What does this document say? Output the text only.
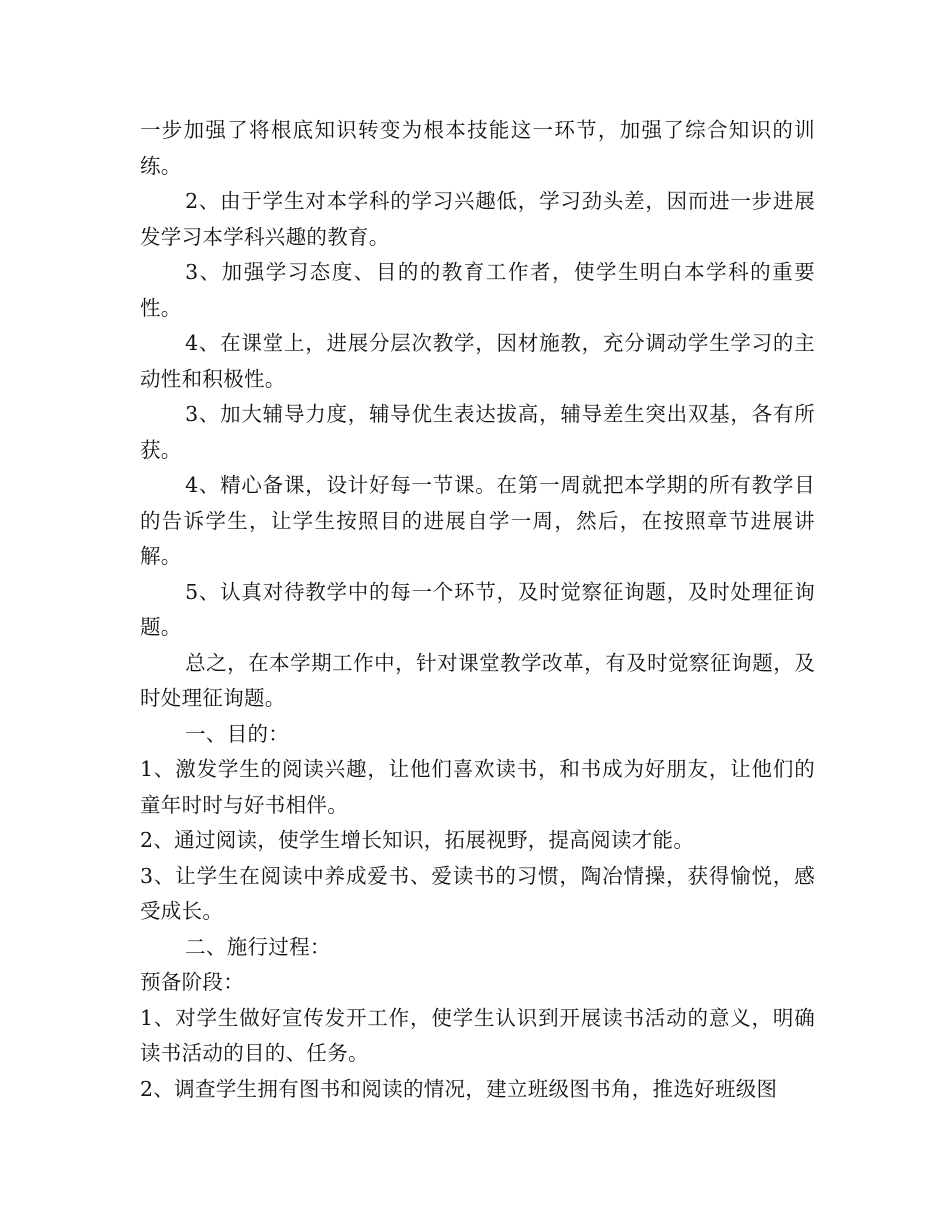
一步加强了将根底知识转变为根本技能这一环节，加强了综合知识的训练。

2、由于学生对本学科的学习兴趣低，学习劲头差，因而进一步进展发学习本学科兴趣的教育。

3、加强学习态度、目的的教育工作者，使学生明白本学科的重要性。

4、在课堂上，进展分层次教学，因材施教，充分调动学生学习的主动性和积极性。

3、加大辅导力度，辅导优生表达拔高，辅导差生突出双基，各有所获。

4、精心备课，设计好每一节课。在第一周就把本学期的所有教学目的告诉学生，让学生按照目的进展自学一周，然后，在按照章节进展讲解。

5、认真对待教学中的每一个环节，及时觉察征询题，及时处理征询题。

总之，在本学期工作中，针对课堂教学改革，有及时觉察征询题，及时处理征询题。

一、目的：

1、激发学生的阅读兴趣，让他们喜欢读书，和书成为好朋友，让他们的童年时时与好书相伴。

2、通过阅读，使学生增长知识，拓展视野，提高阅读才能。

3、让学生在阅读中养成爱书、爱读书的习惯，陶冶情操，获得愉悦，感受成长。

二、施行过程：

预备阶段：

1、对学生做好宣传发开工作，使学生认识到开展读书活动的意义，明确读书活动的目的、任务。

2、调查学生拥有图书和阅读的情况，建立班级图书角，推选好班级图
